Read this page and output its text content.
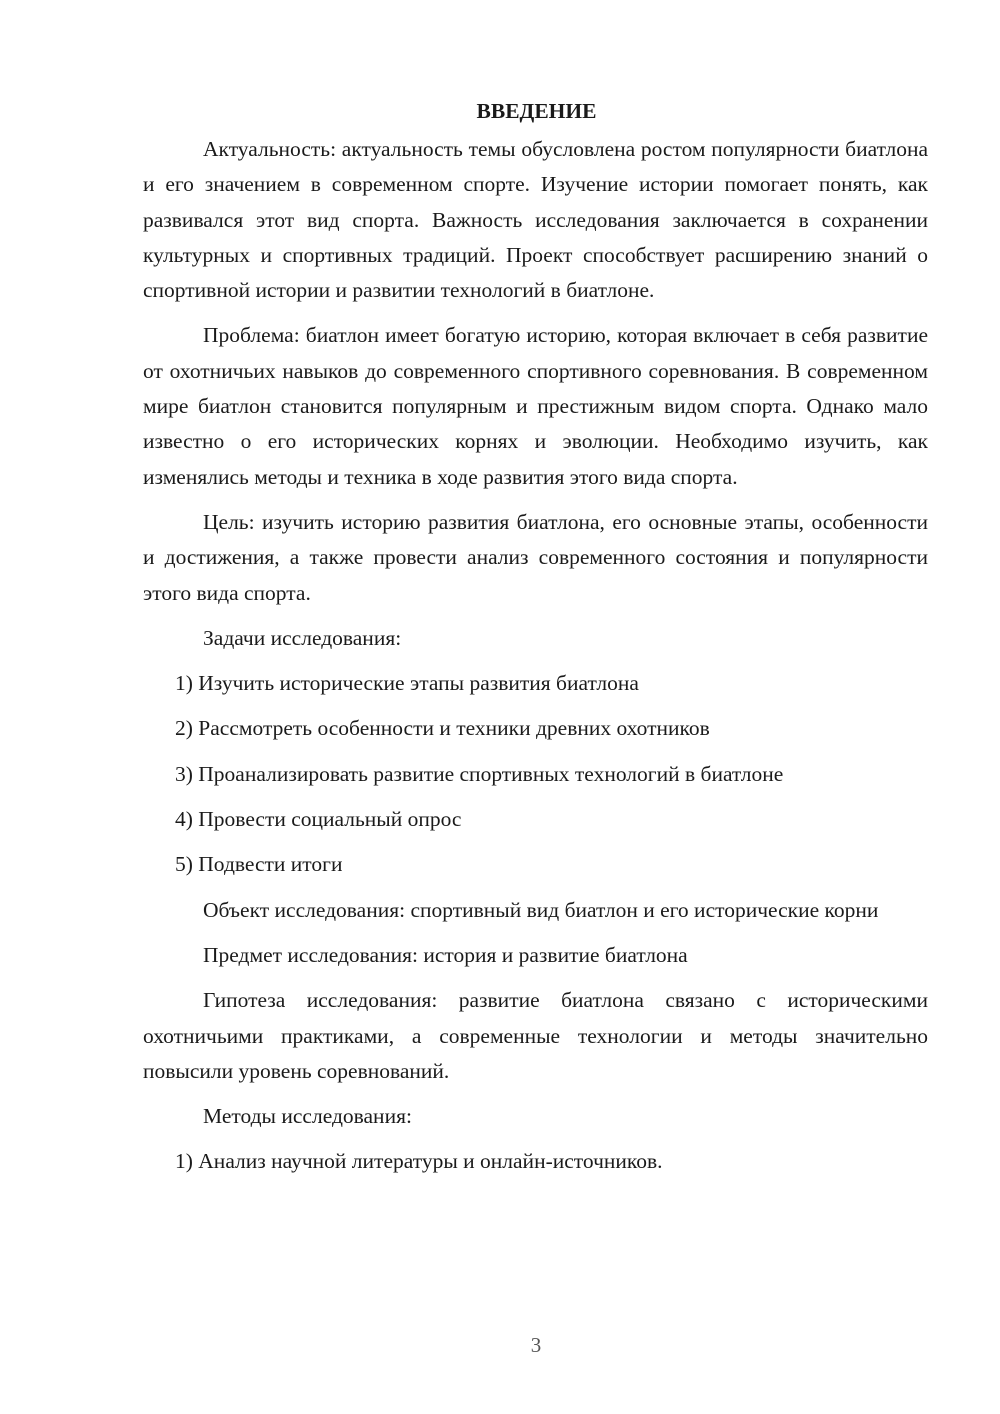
ВВЕДЕНИЕ

Актуальность: актуальность темы обусловлена ростом популярности биатлона и его значением в современном спорте. Изучение истории помогает понять, как развивался этот вид спорта. Важность исследования заключается в сохранении культурных и спортивных традиций. Проект способствует расширению знаний о спортивной истории и развитии технологий в биатлоне.

Проблема: биатлон имеет богатую историю, которая включает в себя развитие от охотничьих навыков до современного спортивного соревнования. В современном мире биатлон становится популярным и престижным видом спорта. Однако мало известно о его исторических корнях и эволюции. Необходимо изучить, как изменялись методы и техника в ходе развития этого вида спорта.

Цель: изучить историю развития биатлона, его основные этапы, особенности и достижения, а также провести анализ современного состояния и популярности этого вида спорта.

Задачи исследования:

1) Изучить исторические этапы развития биатлона

2) Рассмотреть особенности и техники древних охотников

3) Проанализировать развитие спортивных технологий в биатлоне

4) Провести социальный опрос

5) Подвести итоги

Объект исследования: спортивный вид биатлон и его исторические корни

Предмет исследования: история и развитие биатлона

Гипотеза исследования: развитие биатлона связано с историческими охотничьими практиками, а современные технологии и методы значительно повысили уровень соревнований.

Методы исследования:

1) Анализ научной литературы и онлайн-источников.

3
